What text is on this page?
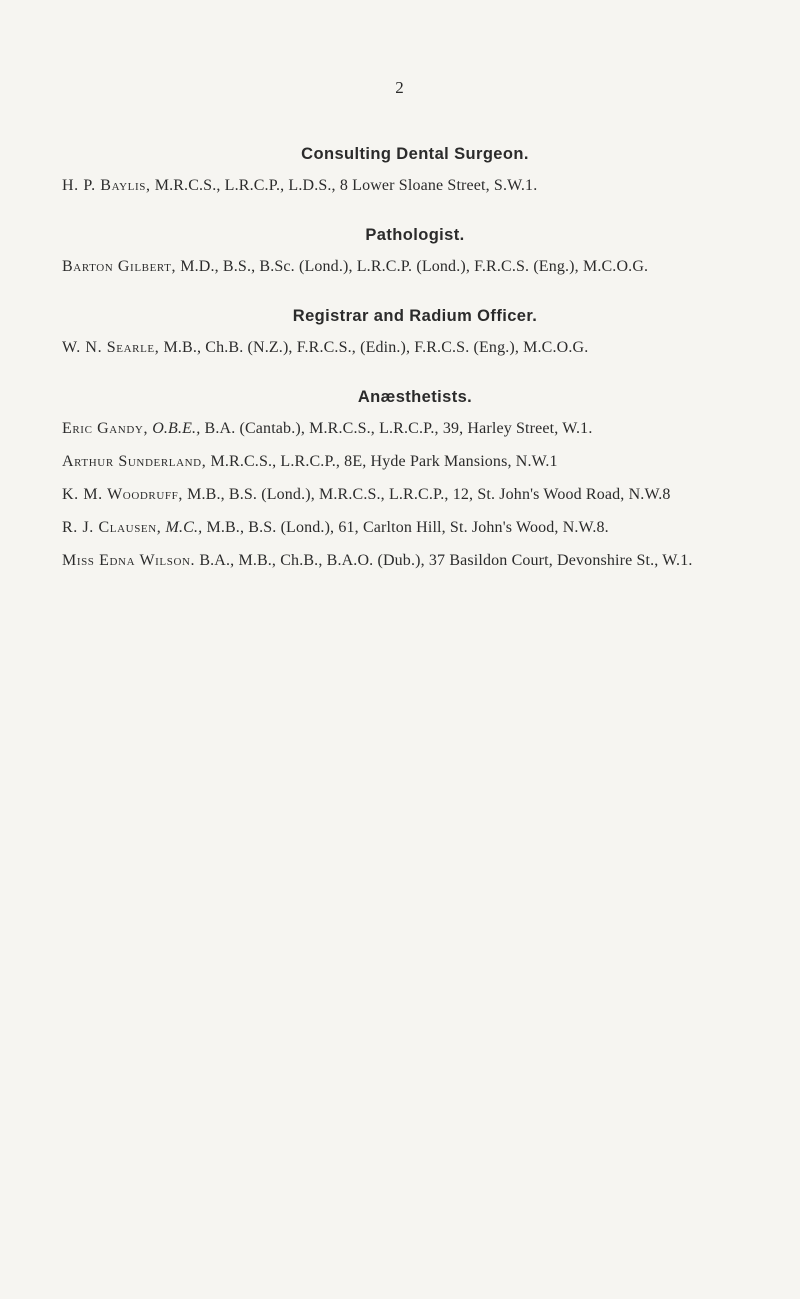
2
Consulting Dental Surgeon.
H. P. Baylis, M.R.C.S., L.R.C.P., L.D.S., 8 Lower Sloane Street, S.W.1.
Pathologist.
Barton Gilbert, M.D., B.S., B.Sc. (Lond.), L.R.C.P. (Lond.), F.R.C.S. (Eng.), M.C.O.G.
Registrar and Radium Officer.
W. N. Searle, M.B., Ch.B. (N.Z.), F.R.C.S., (Edin.), F.R.C.S. (Eng.), M.C.O.G.
Anæsthetists.
Eric Gandy, O.B.E., B.A. (Cantab.), M.R.C.S., L.R.C.P., 39, Harley Street, W.1.
Arthur Sunderland, M.R.C.S., L.R.C.P., 8E, Hyde Park Mansions, N.W.1
K. M. Woodruff, M.B., B.S. (Lond.), M.R.C.S., L.R.C.P., 12, St. John's Wood Road, N.W.8
R. J. Clausen, M.C., M.B., B.S. (Lond.), 61, Carlton Hill, St. John's Wood, N.W.8.
Miss Edna Wilson. B.A., M.B., Ch.B., B.A.O. (Dub.), 37 Basildon Court, Devonshire St., W.1.
